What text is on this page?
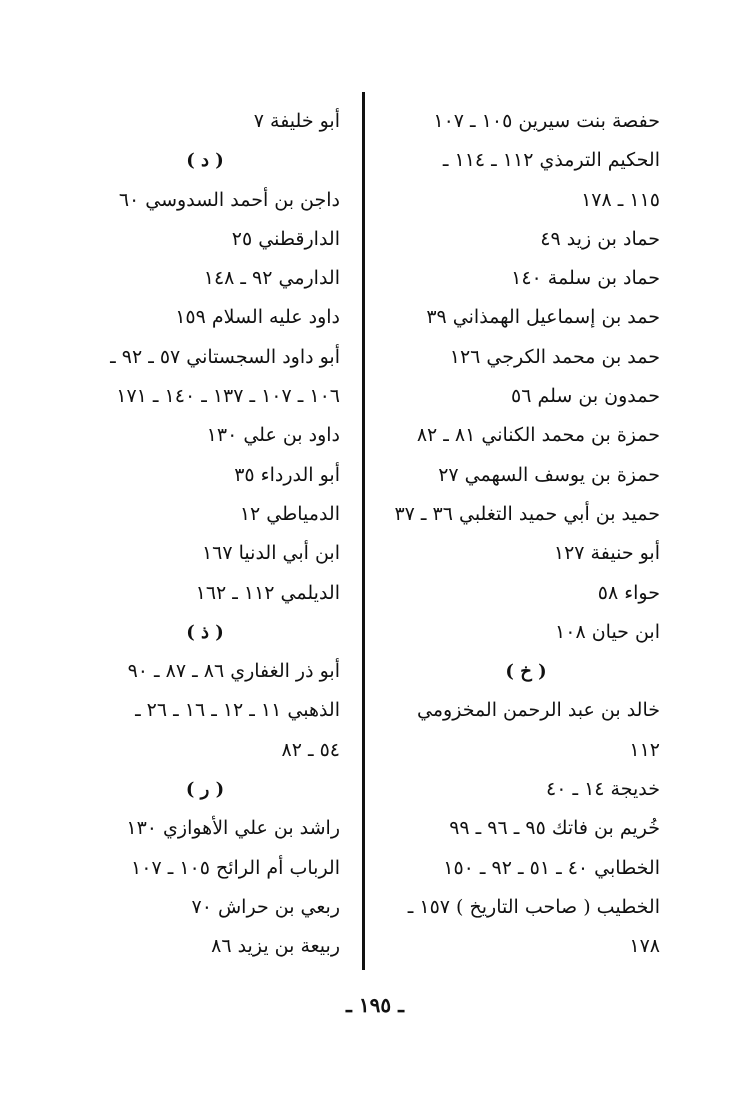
حفصة بنت سيرين ١٠٥ ـ ١٠٧
الحكيم الترمذي ١١٢ ـ ١١٤ ـ
١١٥ ـ ١٧٨
حماد بن زيد ٤٩
حماد بن سلمة ١٤٠
حمد بن إسماعيل الهمذاني ٣٩
حمد بن محمد الكرجي ١٢٦
حمدون بن سلم ٥٦
حمزة بن محمد الكناني ٨١ ـ ٨٢
حمزة بن يوسف السهمي ٢٧
حميد بن أبي حميد التغلبي ٣٦ ـ ٣٧
أبو حنيفة ١٢٧
حواء ٥٨
ابن حيان ١٠٨
( خ )
خالد بن عبد الرحمن المخزومي
١١٢
خديجة ١٤ ـ ٤٠
خُريم بن فاتك ٩٥ ـ ٩٦ ـ ٩٩
الخطابي ٤٠ ـ ٥١ ـ ٩٢ ـ ١٥٠
الخطيب ( صاحب التاريخ ) ١٥٧ ـ
١٧٨
أبو خليفة ٧
( د )
داجن بن أحمد السدوسي ٦٠
الدارقطني ٢٥
الدارمي ٩٢ ـ ١٤٨
داود عليه السلام ١٥٩
أبو داود السجستاني ٥٧ ـ ٩٢ ـ
١٠٦ ـ ١٠٧ ـ ١٣٧ ـ ١٤٠ ـ ١٧١
داود بن علي ١٣٠
أبو الدرداء ٣٥
الدمياطي ١٢
ابن أبي الدنيا ١٦٧
الديلمي ١١٢ ـ ١٦٢
( ذ )
أبو ذر الغفاري ٨٦ ـ ٨٧ ـ ٩٠
الذهبي ١١ ـ ١٢ ـ ١٦ ـ ٢٦ ـ
٥٤ ـ ٨٢
( ر )
راشد بن علي الأهوازي ١٣٠
الرباب أم الرائح ١٠٥ ـ ١٠٧
ربعي بن حراش ٧٠
ربيعة بن يزيد ٨٦
ـ ١٩٥ ـ
